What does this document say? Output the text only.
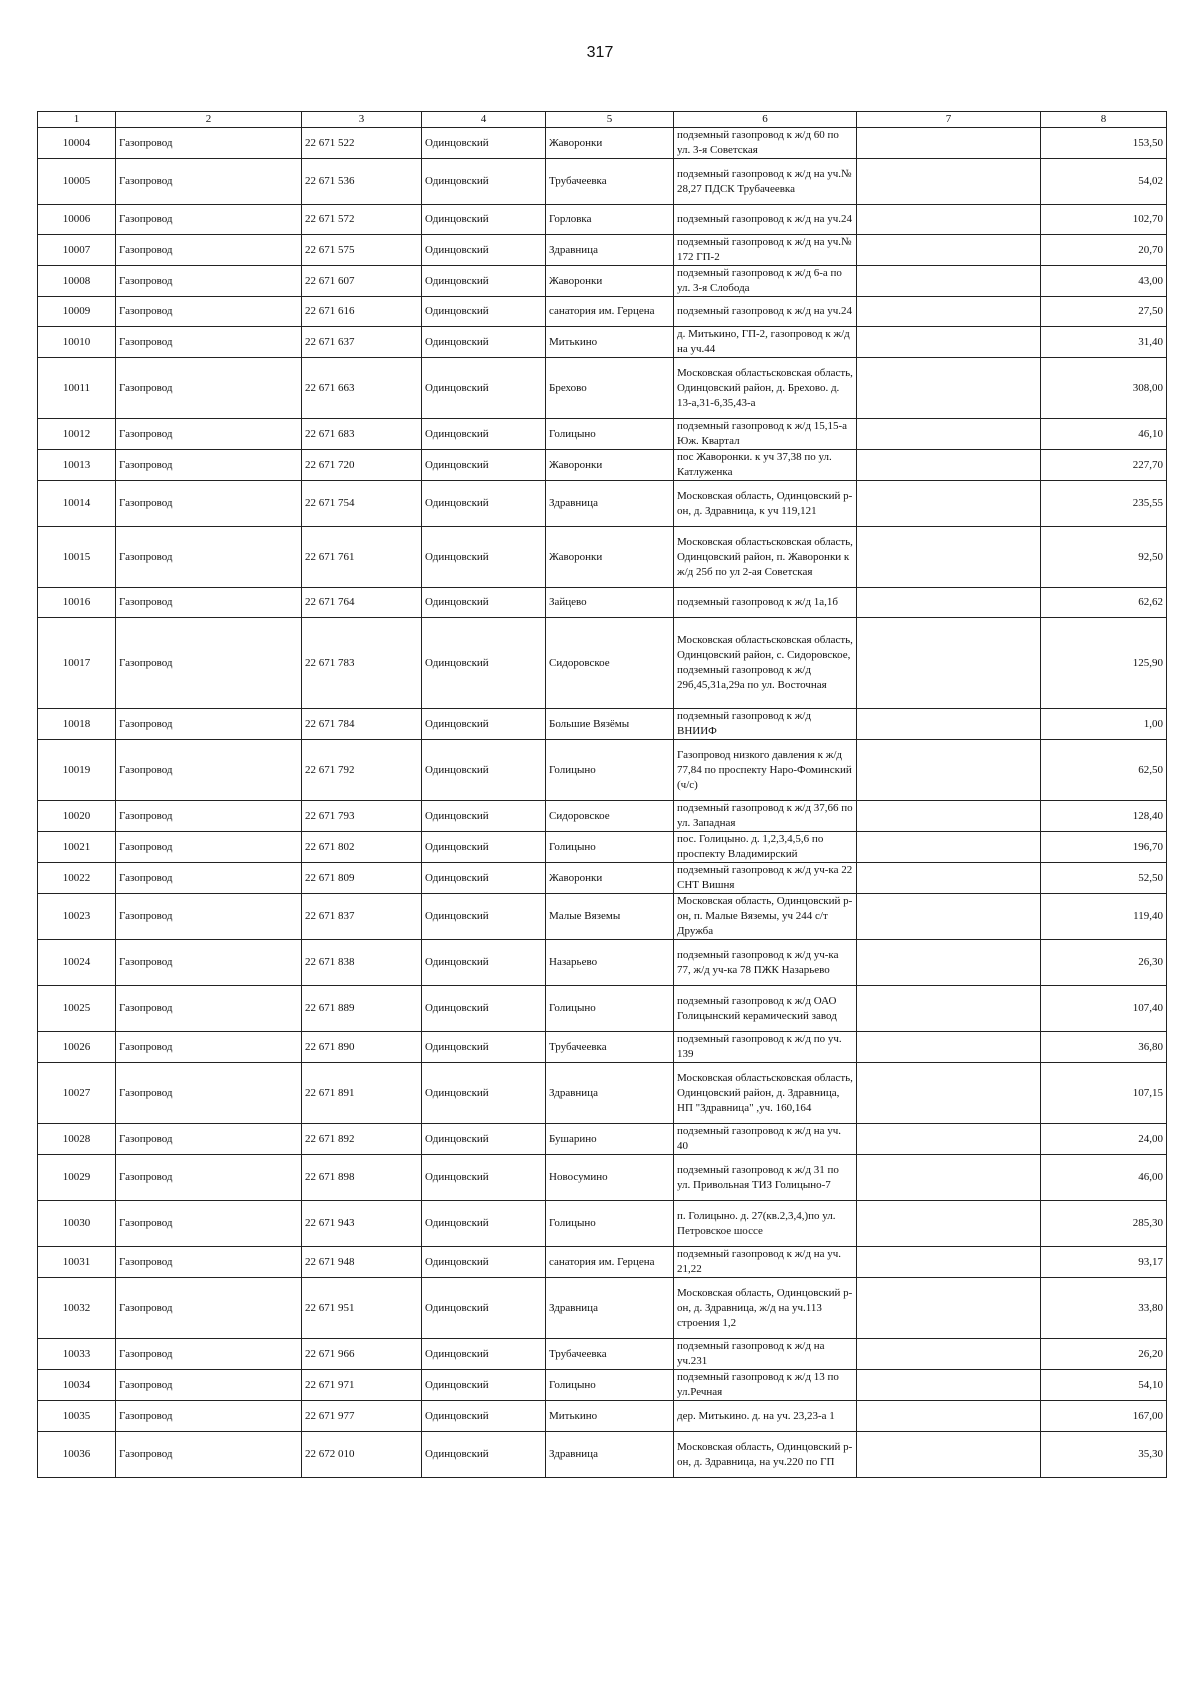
317
1	2	3	4	5	6	7	8
10004	Газопровод	22 671 522	Одинцовский	Жаворонки	подземный газопровод к ж/д 60 по ул. 3-я Советская		153,50
10005	Газопровод	22 671 536	Одинцовский	Трубачеевка	подземный газопровод к ж/д на уч.№ 28,27 ПДСК Трубачеевка		54,02
10006	Газопровод	22 671 572	Одинцовский	Горловка	подземный газопровод к ж/д на уч.24		102,70
10007	Газопровод	22 671 575	Одинцовский	Здравница	подземный газопровод к ж/д на уч.№ 172 ГП-2		20,70
10008	Газопровод	22 671 607	Одинцовский	Жаворонки	подземный газопровод к ж/д 6-а по ул. 3-я Слобода		43,00
10009	Газопровод	22 671 616	Одинцовский	санатория им. Герцена	подземный газопровод к ж/д на уч.24		27,50
10010	Газопровод	22 671 637	Одинцовский	Митькино	д. Митькино, ГП-2, газопровод к ж/д на уч.44		31,40
10011	Газопровод	22 671 663	Одинцовский	Брехово	Московская областьсковская область, Одинцовский район, д. Брехово. д. 13-а,31-6,35,43-а		308,00
10012	Газопровод	22 671 683	Одинцовский	Голицыно	подземный газопровод к ж/д 15,15-а Юж. Квартал		46,10
10013	Газопровод	22 671 720	Одинцовский	Жаворонки	пос Жаворонки. к уч 37,38 по ул. Катлуженка		227,70
10014	Газопровод	22 671 754	Одинцовский	Здравница	Московская область, Одинцовский р-он, д. Здравница, к уч 119,121		235,55
10015	Газопровод	22 671 761	Одинцовский	Жаворонки	Московская областьсковская область, Одинцовский район, п. Жаворонки к ж/д 25б по ул 2-ая Советская		92,50
10016	Газопровод	22 671 764	Одинцовский	Зайцево	подземный газопровод к ж/д 1а,1б		62,62
10017	Газопровод	22 671 783	Одинцовский	Сидоровское	Московская областьсковская область, Одинцовский район, с. Сидоровское, подземный газопровод к ж/д 29б,45,31а,29а по ул. Восточная		125,90
10018	Газопровод	22 671 784	Одинцовский	Большие Вязёмы	подземный газопровод к ж/д ВНИИФ		1,00
10019	Газопровод	22 671 792	Одинцовский	Голицыно	Газопровод низкого давления к ж/д 77,84 по проспекту Наро-Фоминский (ч/с)		62,50
10020	Газопровод	22 671 793	Одинцовский	Сидоровское	подземный газопровод к ж/д 37,66 по ул. Западная		128,40
10021	Газопровод	22 671 802	Одинцовский	Голицыно	пос. Голицыно. д. 1,2,3,4,5,6 по проспекту Владимирский		196,70
10022	Газопровод	22 671 809	Одинцовский	Жаворонки	подземный газопровод к ж/д уч-ка 22 СНТ Вишня		52,50
10023	Газопровод	22 671 837	Одинцовский	Малые Вяземы	Московская область, Одинцовский р-он, п. Малые Вяземы, уч 244 с/т Дружба		119,40
10024	Газопровод	22 671 838	Одинцовский	Назарьево	подземный газопровод к ж/д уч-ка 77, ж/д уч-ка 78 ПЖК Назарьево		26,30
10025	Газопровод	22 671 889	Одинцовский	Голицыно	подземный газопровод к ж/д ОАО Голицынский керамический завод		107,40
10026	Газопровод	22 671 890	Одинцовский	Трубачеевка	подземный газопровод к ж/д по уч. 139		36,80
10027	Газопровод	22 671 891	Одинцовский	Здравница	Московская областьсковская область, Одинцовский район, д. Здравница, НП "Здравница" ,уч. 160,164		107,15
10028	Газопровод	22 671 892	Одинцовский	Бушарино	подземный газопровод к ж/д на уч. 40		24,00
10029	Газопровод	22 671 898	Одинцовский	Новосумино	подземный газопровод к ж/д 31 по ул. Привольная ТИЗ Голицыно-7		46,00
10030	Газопровод	22 671 943	Одинцовский	Голицыно	п. Голицыно. д. 27(кв.2,3,4,)по ул. Петровское шоссе		285,30
10031	Газопровод	22 671 948	Одинцовский	санатория им. Герцена	подземный газопровод к ж/д на уч. 21,22		93,17
10032	Газопровод	22 671 951	Одинцовский	Здравница	Московская область, Одинцовский р-он, д. Здравница, ж/д на уч.113 строения 1,2		33,80
10033	Газопровод	22 671 966	Одинцовский	Трубачеевка	подземный газопровод к ж/д на уч.231		26,20
10034	Газопровод	22 671 971	Одинцовский	Голицыно	подземный газопровод к ж/д 13 по ул.Речная		54,10
10035	Газопровод	22 671 977	Одинцовский	Митькино	дер. Митькино. д. на уч. 23,23-а 1		167,00
10036	Газопровод	22 672 010	Одинцовский	Здравница	Московская область, Одинцовский р-он, д. Здравница, на уч.220 по ГП		35,30
